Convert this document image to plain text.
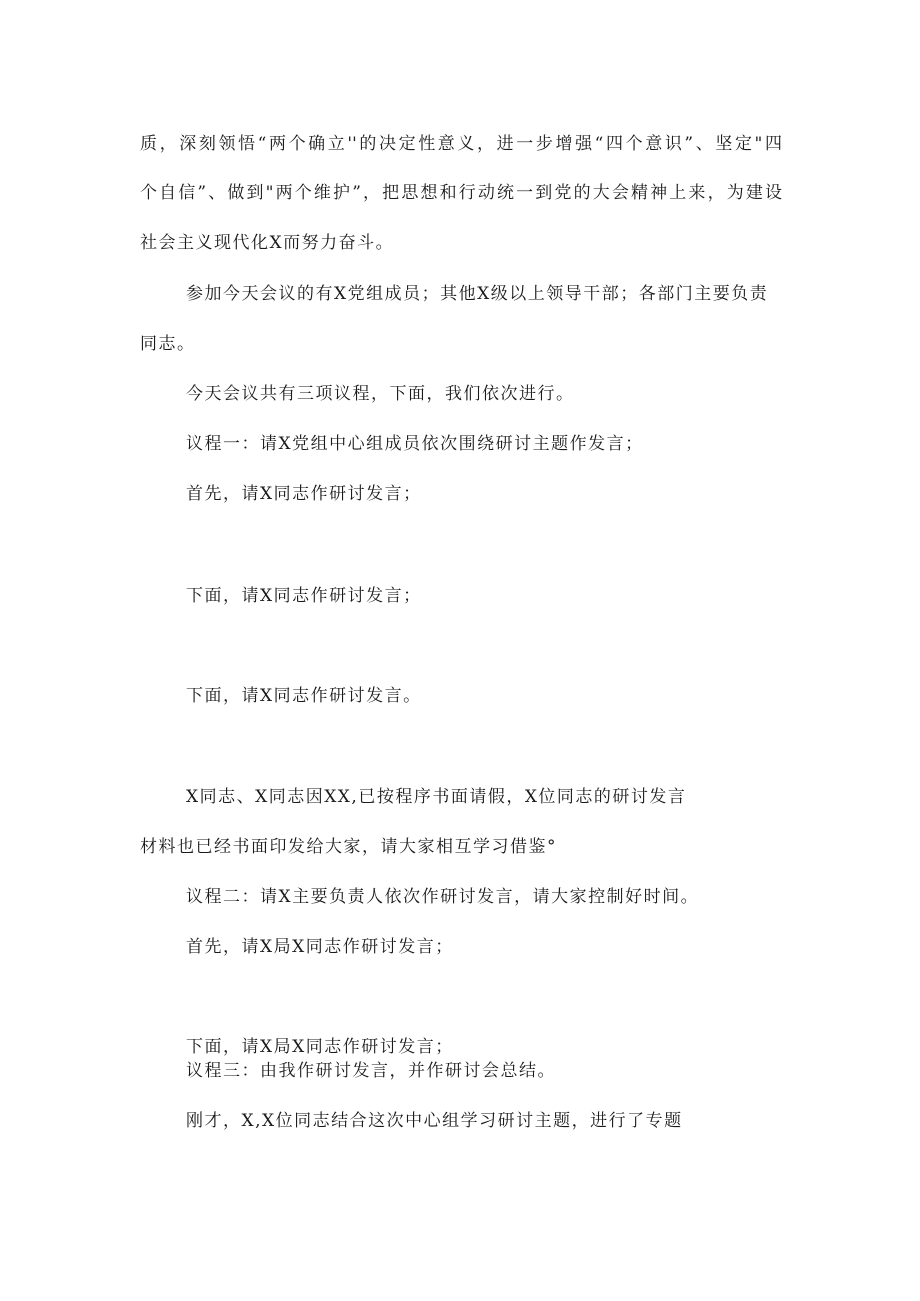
质，深刻领悟“两个确立''的决定性意义，进一步增强“四个意识”、坚定"四

个自信”、做到"两个维护”，把思想和行动统一到党的大会精神上来，为建设

社会主义现代化X而努力奋斗。

参加今天会议的有X党组成员；其他X级以上领导干部；各部门主要负责

同志。

今天会议共有三项议程，下面，我们依次进行。

议程一：请X党组中心组成员依次围绕研讨主题作发言；

首先，请X同志作研讨发言；

下面，请X同志作研讨发言；

下面，请X同志作研讨发言。

X同志、X同志因XX,已按程序书面请假，X位同志的研讨发言

材料也已经书面印发给大家，请大家相互学习借鉴°

议程二：请X主要负责人依次作研讨发言，请大家控制好时间。

首先，请X局X同志作研讨发言；

下面，请X局X同志作研讨发言；

议程三：由我作研讨发言，并作研讨会总结。

刚才，X,X位同志结合这次中心组学习研讨主题，进行了专题
